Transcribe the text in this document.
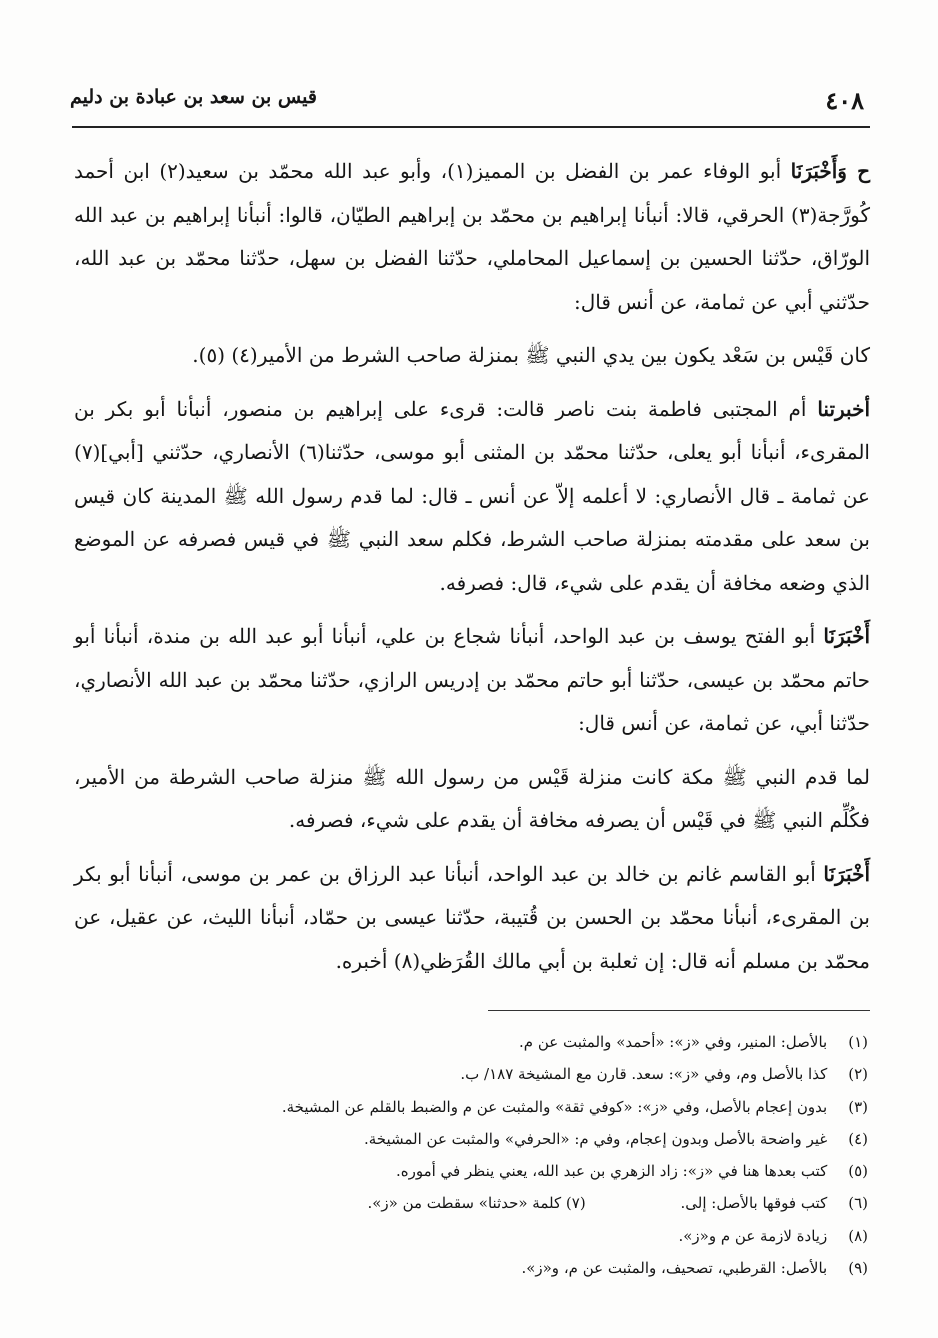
٤٠٨
قيس بن سعد بن عبادة بن دليم

ح وَأَخْبَرَنَا أبو الوفاء عمر بن الفضل بن المميز(١)، وأبو عبد الله محمّد بن سعيد(٢) ابن أحمد كُورَّجة(٣) الحرقي، قالا: أنبأنا إبراهيم بن محمّد بن إبراهيم الطيّان، قالوا: أنبأنا إبراهيم بن عبد الله الورّاق، حدّثنا الحسين بن إسماعيل المحاملي، حدّثنا الفضل بن سهل، حدّثنا محمّد بن عبد الله، حدّثني أبي عن ثمامة، عن أنس قال:

كان قَيْس بن سَعْد يكون بين يدي النبي ﷺ بمنزلة صاحب الشرط من الأمير(٤) (٥).

أخبرتنا أم المجتبى فاطمة بنت ناصر قالت: قرىء على إبراهيم بن منصور، أنبأنا أبو بكر بن المقرىء، أنبأنا أبو يعلى، حدّثنا محمّد بن المثنى أبو موسى، حدّثنا(٦) الأنصاري، حدّثني [أبي](٧) عن ثمامة ـ قال الأنصاري: لا أعلمه إلاّ عن أنس ـ قال: لما قدم رسول الله ﷺ المدينة كان قيس بن سعد على مقدمته بمنزلة صاحب الشرط، فكلم سعد النبي ﷺ في قيس فصرفه عن الموضع الذي وضعه مخافة أن يقدم على شيء، قال: فصرفه.

أَخْبَرَنَا أبو الفتح يوسف بن عبد الواحد، أنبأنا شجاع بن علي، أنبأنا أبو عبد الله بن مندة، أنبأنا أبو حاتم محمّد بن عيسى، حدّثنا أبو حاتم محمّد بن إدريس الرازي، حدّثنا محمّد بن عبد الله الأنصاري، حدّثنا أبي، عن ثمامة، عن أنس قال:

لما قدم النبي ﷺ مكة كانت منزلة قَيْس من رسول الله ﷺ منزلة صاحب الشرطة من الأمير، فكُلِّم النبي ﷺ في قَيْس أن يصرفه مخافة أن يقدم على شيء، فصرفه.

أَخْبَرَنَا أبو القاسم غانم بن خالد بن عبد الواحد، أنبأنا عبد الرزاق بن عمر بن موسى، أنبأنا أبو بكر بن المقرىء، أنبأنا محمّد بن الحسن بن قُتيبة، حدّثنا عيسى بن حمّاد، أنبأنا الليث، عن عقيل، عن محمّد بن مسلم أنه قال: إن ثعلبة بن أبي مالك القُرَظي(٨) أخبره.

(١) بالأصل: المنير، وفي «ز»: «أحمد» والمثبت عن م.
(٢) كذا بالأصل وم، وفي «ز»: سعد. قارن مع المشيخة ١٨٧/ ب.
(٣) بدون إعجام بالأصل، وفي «ز»: «كوفي ثقة» والمثبت عن م والضبط بالقلم عن المشيخة.
(٤) غير واضحة بالأصل وبدون إعجام، وفي م: «الحرفي» والمثبت عن المشيخة.
(٥) كتب بعدها هنا في «ز»: زاد الزهري بن عبد الله، يعني ينظر في أموره.
(٦) كتب فوقها بالأصل: إلى. (٧) كلمة «حدثنا» سقطت من «ز».
(٨) زيادة لازمة عن م و«ز».
(٩) بالأصل: القرطبي، تصحيف، والمثبت عن م، و«ز».
